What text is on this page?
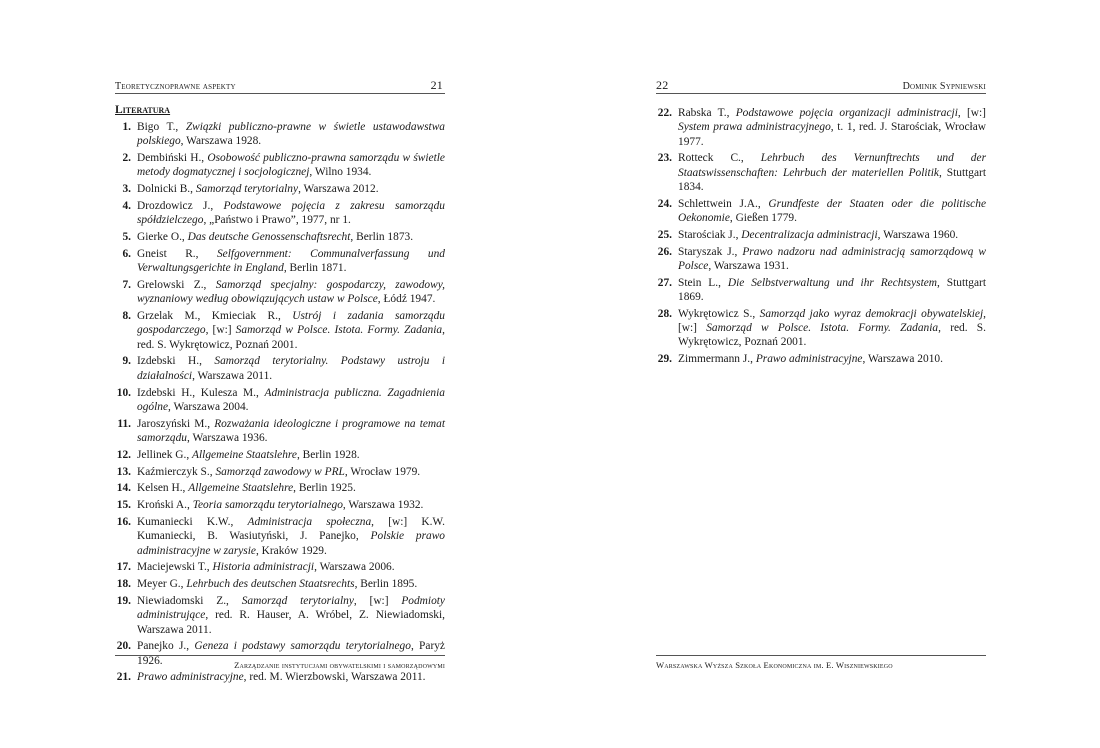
Teoretycznoprawne aspekty	21
Literatura
1. Bigo T., Związki publiczno-prawne w świetle ustawodawstwa polskiego, Warszawa 1928.
2. Dembiński H., Osobowość publiczno-prawna samorządu w świetle metody dogmatycznej i socjologicznej, Wilno 1934.
3. Dolnicki B., Samorząd terytorialny, Warszawa 2012.
4. Drozdowicz J., Podstawowe pojęcia z zakresu samorządu spółdzielczego, „Państwo i Prawo”, 1977, nr 1.
5. Gierke O., Das deutsche Genossenschaftsrecht, Berlin 1873.
6. Gneist R., Selfgovernment: Communalverfassung und Verwaltungsgerichte in England, Berlin 1871.
7. Grelowski Z., Samorząd specjalny: gospodarczy, zawodowy, wyznaniowy według obowiązujących ustaw w Polsce, Łódź 1947.
8. Grzelak M., Kmieciak R., Ustrój i zadania samorządu gospodarczego, [w:] Samorząd w Polsce. Istota. Formy. Zadania, red. S. Wykrętowicz, Poznań 2001.
9. Izdebski H., Samorząd terytorialny. Podstawy ustroju i działalności, Warszawa 2011.
10. Izdebski H., Kulesza M., Administracja publiczna. Zagadnienia ogólne, Warszawa 2004.
11. Jaroszyński M., Rozważania ideologiczne i programowe na temat samorządu, Warszawa 1936.
12. Jellinek G., Allgemeine Staatslehre, Berlin 1928.
13. Kaźmierczyk S., Samorząd zawodowy w PRL, Wrocław 1979.
14. Kelsen H., Allgemeine Staatslehre, Berlin 1925.
15. Kroński A., Teoria samorządu terytorialnego, Warszawa 1932.
16. Kumaniecki K.W., Administracja społeczna, [w:] K.W. Kumaniecki, B. Wasiutyński, J. Panejko, Polskie prawo administracyjne w zarysie, Kraków 1929.
17. Maciejewski T., Historia administracji, Warszawa 2006.
18. Meyer G., Lehrbuch des deutschen Staatsrechts, Berlin 1895.
19. Niewiadomski Z., Samorząd terytorialny, [w:] Podmioty administrujące, red. R. Hauser, A. Wróbel, Z. Niewiadomski, Warszawa 2011.
20. Panejko J., Geneza i podstawy samorządu terytorialnego, Paryż 1926.
21. Prawo administracyjne, red. M. Wierzbowski, Warszawa 2011.
Zarządzanie instytucjami obywatelskimi i samorządowymi
22	Dominik Sypniewski
22. Rabska T., Podstawowe pojęcia organizacji administracji, [w:] System prawa administracyjnego, t. 1, red. J. Starościak, Wrocław 1977.
23. Rotteck C., Lehrbuch des Vernunftrechts und der Staatswissenschaften: Lehrbuch der materiellen Politik, Stuttgart 1834.
24. Schlettwein J.A., Grundfeste der Staaten oder die politische Oekonomie, Gießen 1779.
25. Starościak J., Decentralizacja administracji, Warszawa 1960.
26. Staryszak J., Prawo nadzoru nad administracją samorządową w Polsce, Warszawa 1931.
27. Stein L., Die Selbstverwaltung und ihr Rechtsystem, Stuttgart 1869.
28. Wykrętowicz S., Samorząd jako wyraz demokracji obywatelskiej, [w:] Samorząd w Polsce. Istota. Formy. Zadania, red. S. Wykrętowicz, Poznań 2001.
29. Zimmermann J., Prawo administracyjne, Warszawa 2010.
Warszawska Wyższa Szkoła Ekonomiczna im. E. Wiszniewskiego
